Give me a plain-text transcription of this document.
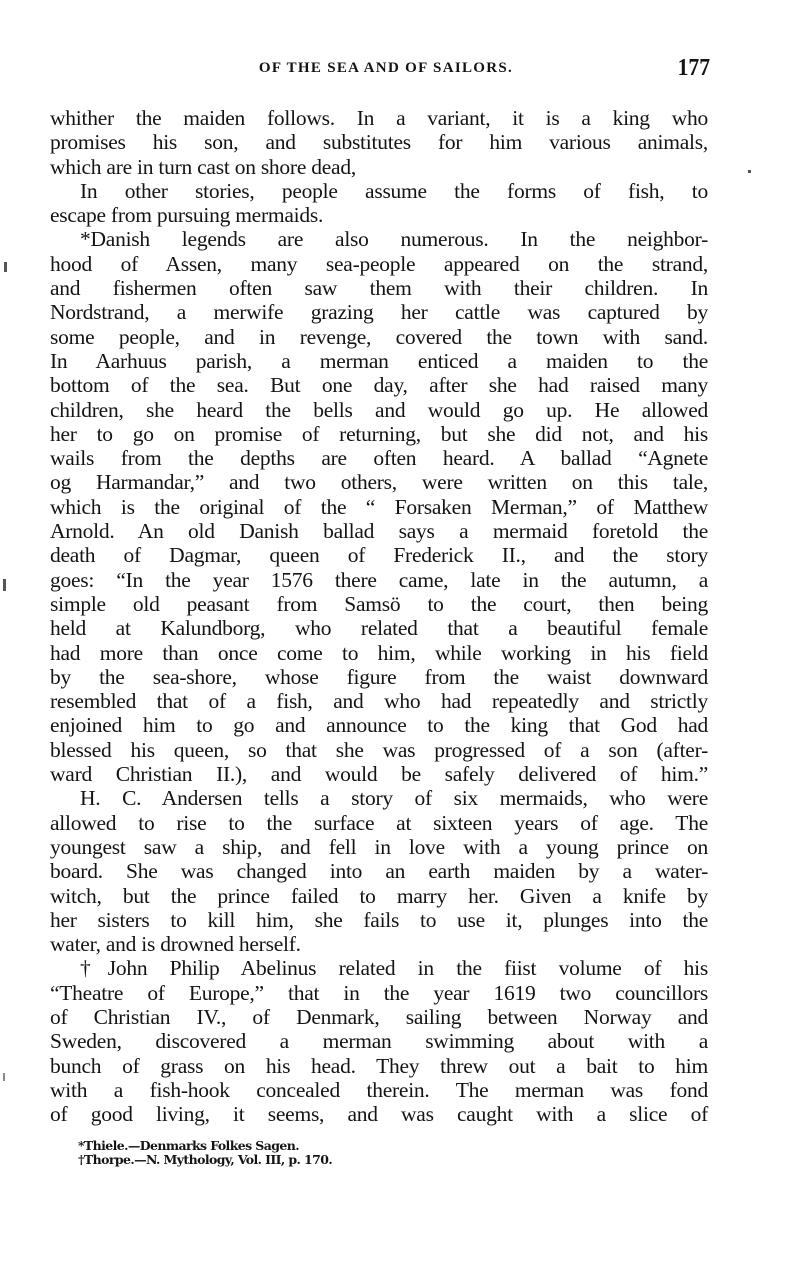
OF THE SEA AND OF SAILORS.	177
whither the maiden follows. In a variant, it is a king who
promises his son, and substitutes for him various animals,
which are in turn cast on shore dead,
In other stories, people assume the forms of fish, to
escape from pursuing mermaids.
*Danish legends are also numerous. In the neighbor-
hood of Assen, many sea-people appeared on the strand,
and fishermen often saw them with their children. In
Nordstrand, a merwife grazing her cattle was captured by
some people, and in revenge, covered the town with sand.
In Aarhuus parish, a merman enticed a maiden to the
bottom of the sea. But one day, after she had raised many
children, she heard the bells and would go up. He allowed
her to go on promise of returning, but she did not, and his
wails from the depths are often heard. A ballad “Agnete
og Harmandar,” and two others, were written on this tale,
which is the original of the “ Forsaken Merman,” of Matthew
Arnold. An old Danish ballad says a mermaid foretold the
death of Dagmar, queen of Frederick II., and the story
goes: “In the year 1576 there came, late in the autumn, a
simple old peasant from Samsö to the court, then being
held at Kalundborg, who related that a beautiful female
had more than once come to him, while working in his field
by the sea-shore, whose figure from the waist downward
resembled that of a fish, and who had repeatedly and strictly
enjoined him to go and announce to the king that God had
blessed his queen, so that she was progressed of a son (after-
ward Christian II.), and would be safely delivered of him.”
H. C. Andersen tells a story of six mermaids, who were
allowed to rise to the surface at sixteen years of age. The
youngest saw a ship, and fell in love with a young prince on
board. She was changed into an earth maiden by a water-
witch, but the prince failed to marry her. Given a knife by
her sisters to kill him, she fails to use it, plunges into the
water, and is drowned herself.
†John Philip Abelinus related in the fiist volume of his
“Theatre of Europe,” that in the year 1619 two councillors
of Christian IV., of Denmark, sailing between Norway and
Sweden, discovered a merman swimming about with a
bunch of grass on his head. They threw out a bait to him
with a fish-hook concealed therein. The merman was fond
of good living, it seems, and was caught with a slice of
*Thiele.—Denmarks Folkes Sagen.
†Thorpe.—N. Mythology, Vol. III, p. 170.
